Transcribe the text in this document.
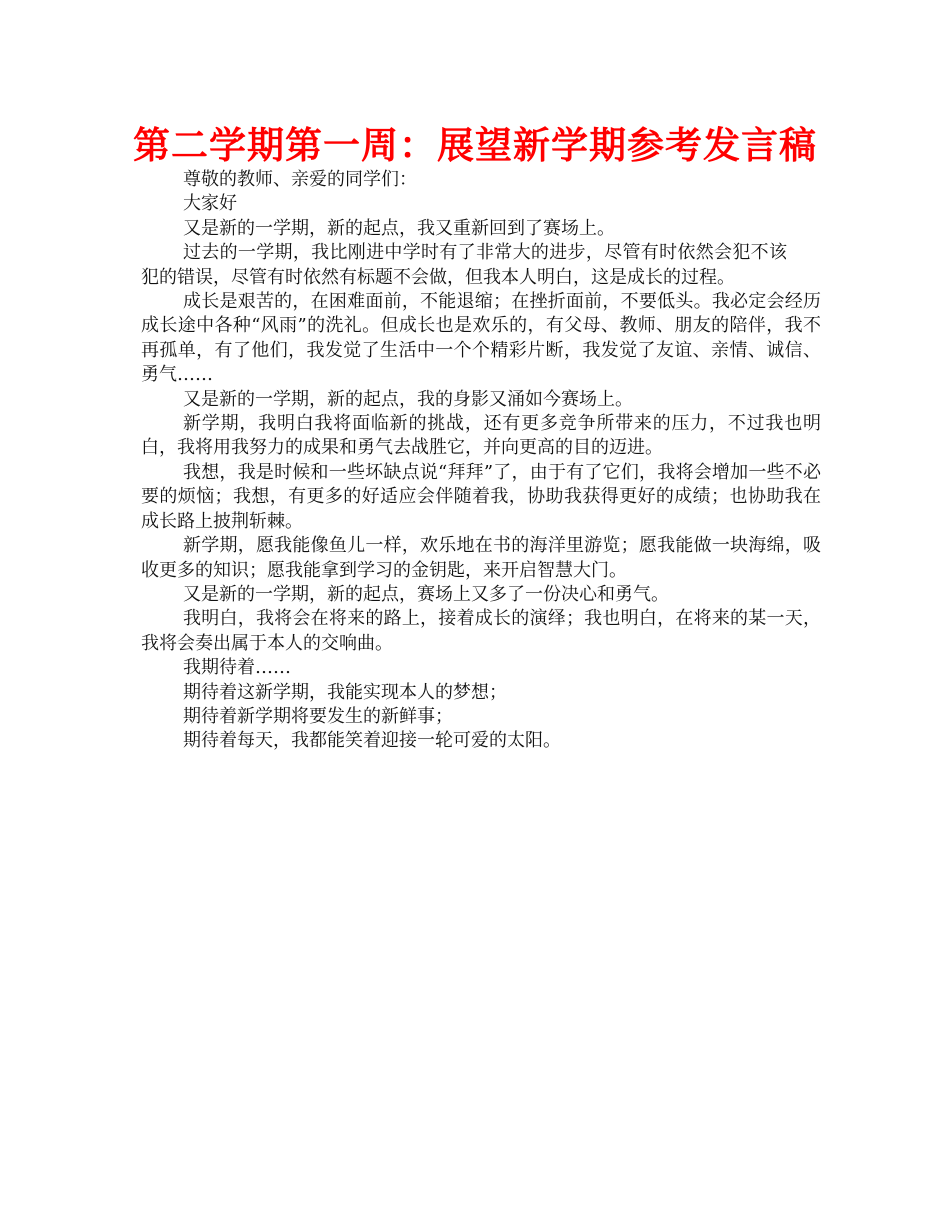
第二学期第一周：展望新学期参考发言稿

尊敬的教师、亲爱的同学们：

大家好

又是新的一学期，新的起点，我又重新回到了赛场上。

过去的一学期，我比刚进中学时有了非常大的进步，尽管有时依然会犯不该犯的错误，尽管有时依然有标题不会做，但我本人明白，这是成长的过程。

成长是艰苦的，在困难面前，不能退缩；在挫折面前，不要低头。我必定会经历成长途中各种“风雨”的洗礼。但成长也是欢乐的，有父母、教师、朋友的陪伴，我不再孤单，有了他们，我发觉了生活中一个个精彩片断，我发觉了友谊、亲情、诚信、勇气……

又是新的一学期，新的起点，我的身影又涌如今赛场上。

新学期，我明白我将面临新的挑战，还有更多竞争所带来的压力，不过我也明白，我将用我努力的成果和勇气去战胜它，并向更高的目的迈进。

我想，我是时候和一些坏缺点说“拜拜”了，由于有了它们，我将会增加一些不必要的烦恼；我想，有更多的好适应会伴随着我，协助我获得更好的成绩；也协助我在成长路上披荆斩棘。

新学期，愿我能像鱼儿一样，欢乐地在书的海洋里游览；愿我能做一块海绵，吸收更多的知识；愿我能拿到学习的金钥匙，来开启智慧大门。

又是新的一学期，新的起点，赛场上又多了一份决心和勇气。

我明白，我将会在将来的路上，接着成长的演绎；我也明白，在将来的某一天，我将会奏出属于本人的交响曲。

我期待着……

期待着这新学期，我能实现本人的梦想；

期待着新学期将要发生的新鲜事；

期待着每天，我都能笑着迎接一轮可爱的太阳。
